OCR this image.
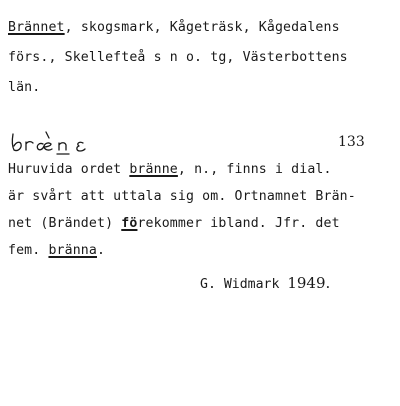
Brännet, skogsmark, Kågeträsk, Kågedalens
förs., Skellefteå s n o. tg, Västerbottens
län.
133
Huruvida ordet bränne, n., finns i dial.
är svårt att uttala sig om. Ortnamnet Brän-
net (Brändet) förekommer ibland. Jfr. det
fem. bränna.
G. Widmark 1949.
